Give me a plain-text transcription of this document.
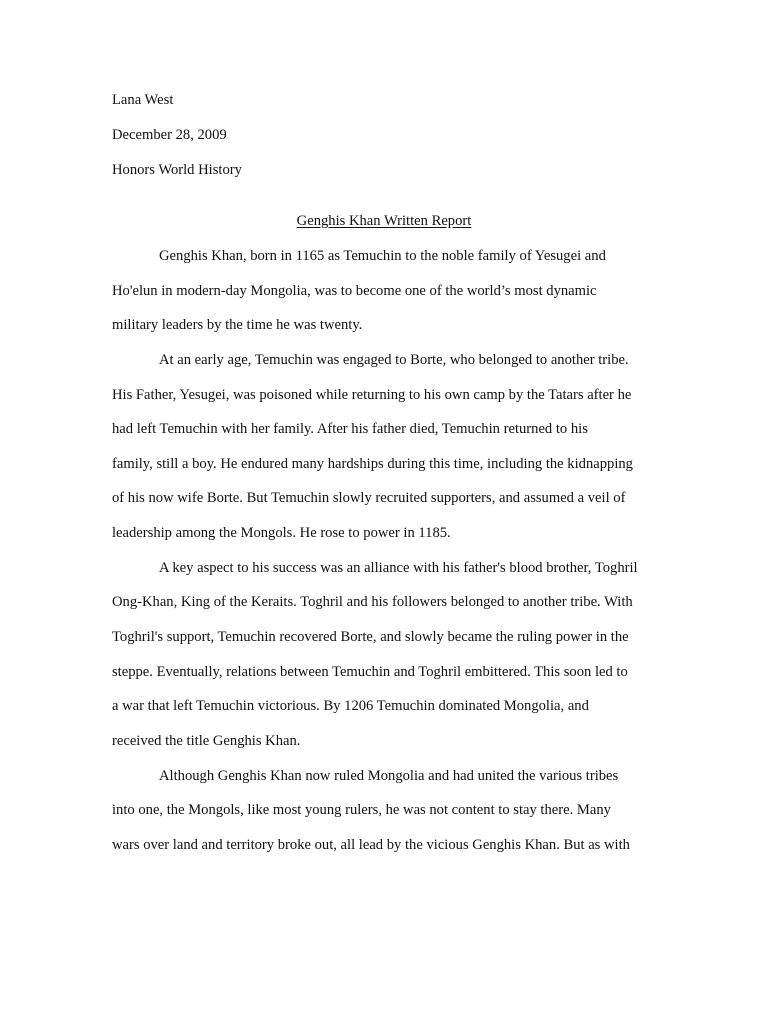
Lana West
December 28, 2009
Honors World History
Genghis Khan Written Report
Genghis Khan, born in 1165 as Temuchin to the noble family of Yesugei and
Ho'elun in modern-day Mongolia, was to become one of the world’s most dynamic
military leaders by the time he was twenty.
At an early age, Temuchin was engaged to Borte, who belonged to another tribe.
His Father, Yesugei, was poisoned while returning to his own camp by the Tatars after he
had left Temuchin with her family. After his father died, Temuchin returned to his
family, still a boy. He endured many hardships during this time, including the kidnapping
of his now wife Borte. But Temuchin slowly recruited supporters, and assumed a veil of
leadership among the Mongols. He rose to power in 1185.
A key aspect to his success was an alliance with his father's blood brother, Toghril
Ong-Khan, King of the Keraits. Toghril and his followers belonged to another tribe. With
Toghril's support, Temuchin recovered Borte, and slowly became the ruling power in the
steppe. Eventually, relations between Temuchin and Toghril embittered. This soon led to
a war that left Temuchin victorious. By 1206 Temuchin dominated Mongolia, and
received the title Genghis Khan.
Although Genghis Khan now ruled Mongolia and had united the various tribes
into one, the Mongols, like most young rulers, he was not content to stay there. Many
wars over land and territory broke out, all lead by the vicious Genghis Khan. But as with
